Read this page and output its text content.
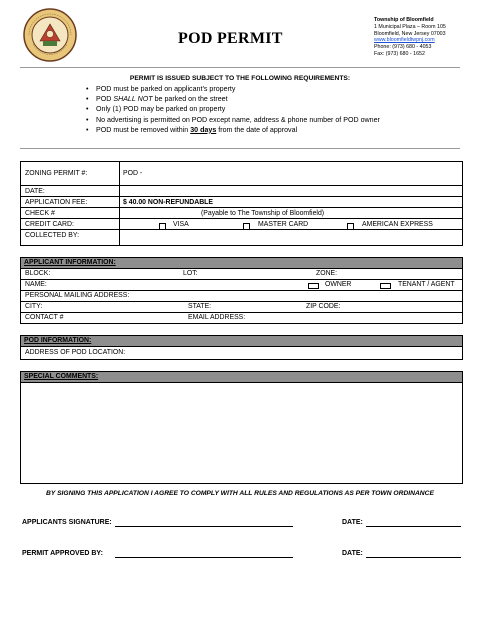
POD PERMIT
Township of Bloomfield
1 Municipal Plaza – Room 105
Bloomfield, New Jersey 07003
www.bloomfieldtwpnj.com
Phone: (973) 680 - 4053
Fax: (973) 680 - 1652
PERMIT IS ISSUED SUBJECT TO THE FOLLOWING REQUIREMENTS:
• POD must be parked on applicant’s property
• POD SHALL NOT be parked on the street
• Only (1) POD may be parked on property
• No advertising is permitted on POD except name, address & phone number of POD owner
• POD must be removed within 30 days from the date of approval
ZONING PERMIT #:	POD -
DATE:
APPLICATION FEE:	$ 40.00 NON-REFUNDABLE
CHECK #	(Payable to The Township of Bloomfield)
CREDIT CARD:	VISA	MASTER CARD	AMERICAN EXPRESS
COLLECTED BY:
APPLICANT INFORMATION:
BLOCK:	LOT:	ZONE:
NAME:	OWNER	TENANT / AGENT
PERSONAL MAILING ADDRESS:
CITY:	STATE:	ZIP CODE:
CONTACT #	EMAIL ADDRESS:
POD INFORMATION:
ADDRESS OF POD LOCATION:
SPECIAL COMMENTS:
BY SIGNING THIS APPLICATION I AGREE TO COMPLY WITH ALL RULES AND REGULATIONS AS PER TOWN ORDINANCE
APPLICANTS SIGNATURE:	DATE:
PERMIT APPROVED BY:	DATE:
